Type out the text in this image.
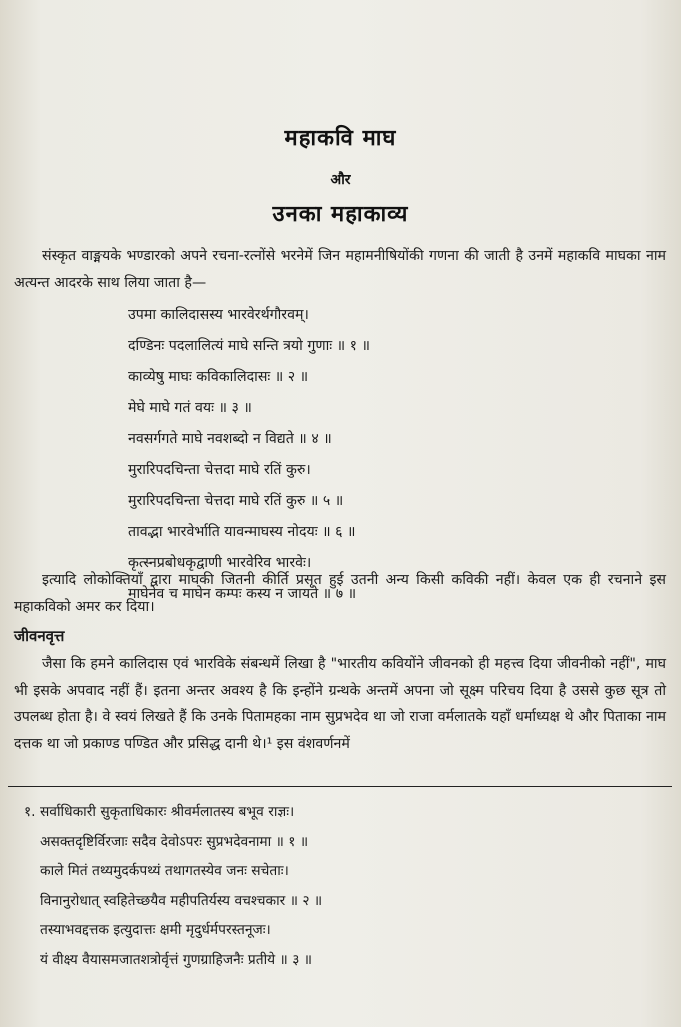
महाकवि माघ
और
उनका महाकाव्य
संस्कृत वाङ्मयके भण्डारको अपने रचना-रत्नोंसे भरनेमें जिन महामनीषियोंकी गणना की जाती है उनमें महाकवि माघका नाम अत्यन्त आदरके साथ लिया जाता है—
उपमा कालिदासस्य भारवेरर्थगौरवम्।
दण्डिनः पदलालित्यं माघे सन्ति त्रयो गुणाः ॥ १ ॥
काव्येषु माघः कविकालिदासः ॥ २ ॥
मेघे माघे गतं वयः ॥ ३ ॥
नवसर्गगते माघे नवशब्दो न विद्यते ॥ ४ ॥
मुरारिपदचिन्ता चेत्तदा माघे रतिं कुरु।
मुरारिपदचिन्ता चेत्तदा माघे रतिं कुरु ॥ ५ ॥
तावद्भा भारवेर्भाति यावन्माघस्य नोदयः ॥ ६ ॥
कृत्स्नप्रबोधकृद्वाणी भारवेरिव भारवेः।
माघेनेव च माघेन कम्पः कस्य न जायते ॥ ७ ॥
इत्यादि लोकोक्तियाँ द्वारा माघकी जितनी कीर्ति प्रसृत हुई उतनी अन्य किसी कविकी नहीं। केवल एक ही रचनाने इस महाकविको अमर कर दिया।
जीवनवृत्त
जैसा कि हमने कालिदास एवं भारविके संबन्धमें लिखा है "भारतीय कवियोंने जीवनको ही महत्त्व दिया जीवनीको नहीं", माघ भी इसके अपवाद नहीं हैं। इतना अन्तर अवश्य है कि इन्होंने ग्रन्थके अन्तमें अपना जो सूक्ष्म परिचय दिया है उससे कुछ सूत्र तो उपलब्ध होता है। वे स्वयं लिखते हैं कि उनके पितामहका नाम सुप्रभदेव था जो राजा वर्मलातके यहाँ धर्माध्यक्ष थे और पिताका नाम दत्तक था जो प्रकाण्ड पण्डित और प्रसिद्ध दानी थे।¹ इस वंशवर्णनमें
१. सर्वाधिकारी सुकृताधिकारः श्रीवर्मलातस्य बभूव राज्ञः।
असक्तदृष्टिर्विरजाः सदैव देवोऽपरः सुप्रभदेवनामा ॥ १ ॥
काले मितं तथ्यमुदर्कपथ्यं तथागतस्येव जनः सचेताः।
विनानुरोधात् स्वहितेच्छयैव महीपतिर्यस्य वचश्चकार ॥ २ ॥
तस्याभवद्दत्तक इत्युदात्तः क्षमी मृदुर्धर्मपरस्तनूजः।
यं वीक्ष्य वैयासमजातशत्रोर्वृत्तं गुणग्राहिजनैः प्रतीये ॥ ३ ॥
